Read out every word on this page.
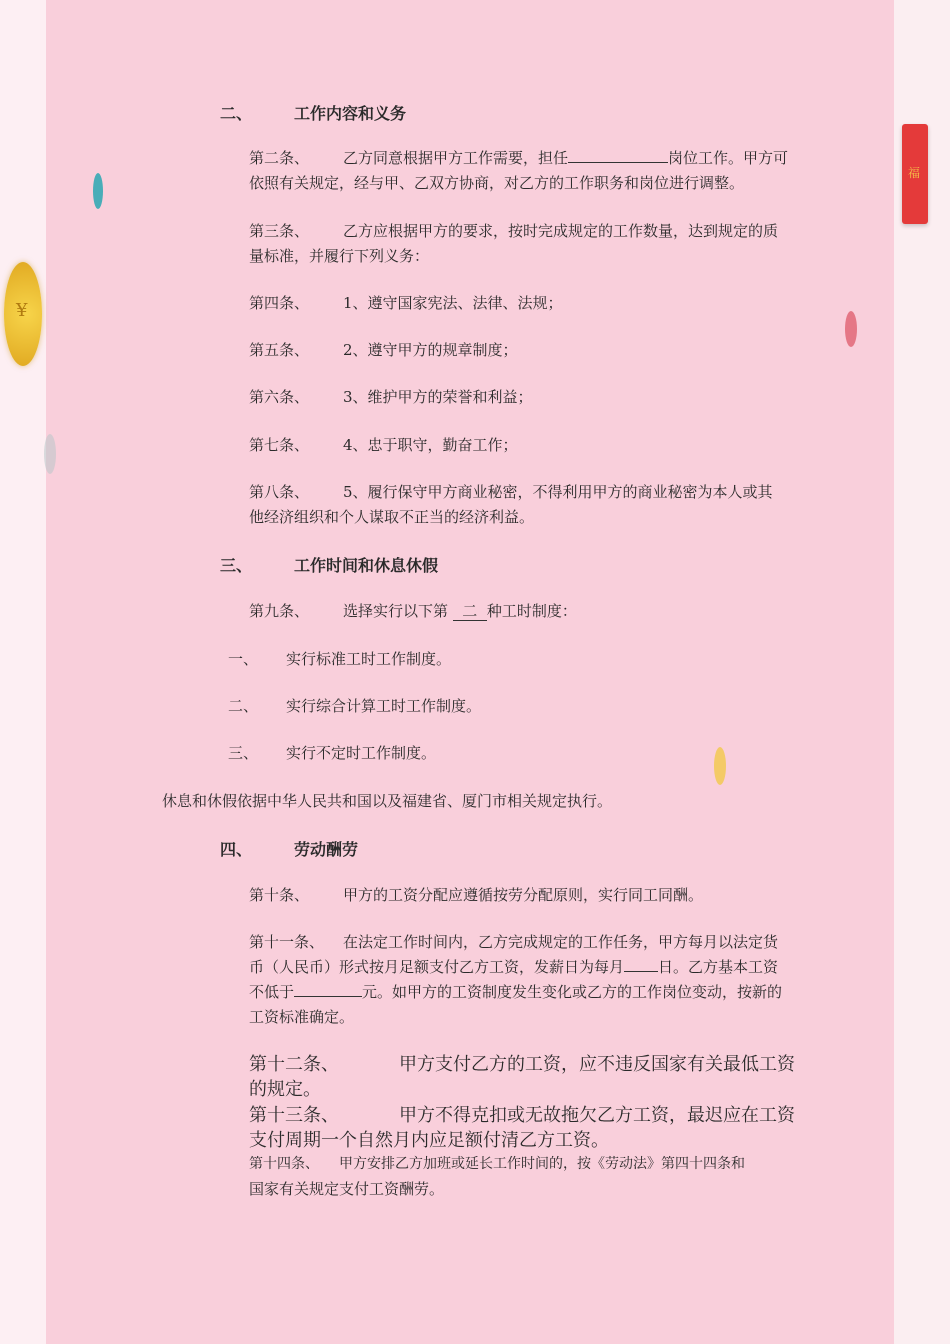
¥
福
二、	工作内容和义务
第二条、 乙方同意根据甲方工作需要，担任	岗位工作。甲方可
依照有关规定，经与甲、乙双方协商，对乙方的工作职务和岗位进行调整。
第三条、 乙方应根据甲方的要求，按时完成规定的工作数量，达到规定的质
量标准，并履行下列义务：
第四条、 1、遵守国家宪法、法律、法规；
第五条、 2、遵守甲方的规章制度；
第六条、 3、维护甲方的荣誉和利益；
第七条、 4、忠于职守，勤奋工作；
第八条、 5、履行保守甲方商业秘密，不得利用甲方的商业秘密为本人或其
他经济组织和个人谋取不正当的经济利益。
三、	工作时间和休息休假
第九条、 选择实行以下第 二 种工时制度：
一、 实行标准工时工作制度。
二、 实行综合计算工时工作制度。
三、 实行不定时工作制度。
休息和休假依据中华人民共和国以及福建省、厦门市相关规定执行。
四、	劳动酬劳
第十条、 甲方的工资分配应遵循按劳分配原则，实行同工同酬。
第十一条、 在法定工作时间内，乙方完成规定的工作任务，甲方每月以法定货
币（人民币）形式按月足额支付乙方工资，发薪日为每月 日。乙方基本工资
不低于	元。如甲方的工资制度发生变化或乙方的工作岗位变动，按新的
工资标准确定。
第十二条、	甲方支付乙方的工资，应不违反国家有关最低工资
的规定。
第十三条、	甲方不得克扣或无故拖欠乙方工资，最迟应在工资
支付周期一个自然月内应足额付清乙方工资。
第十四条、 甲方安排乙方加班或延长工作时间的，按《劳动法》第四十四条和
国家有关规定支付工资酬劳。
